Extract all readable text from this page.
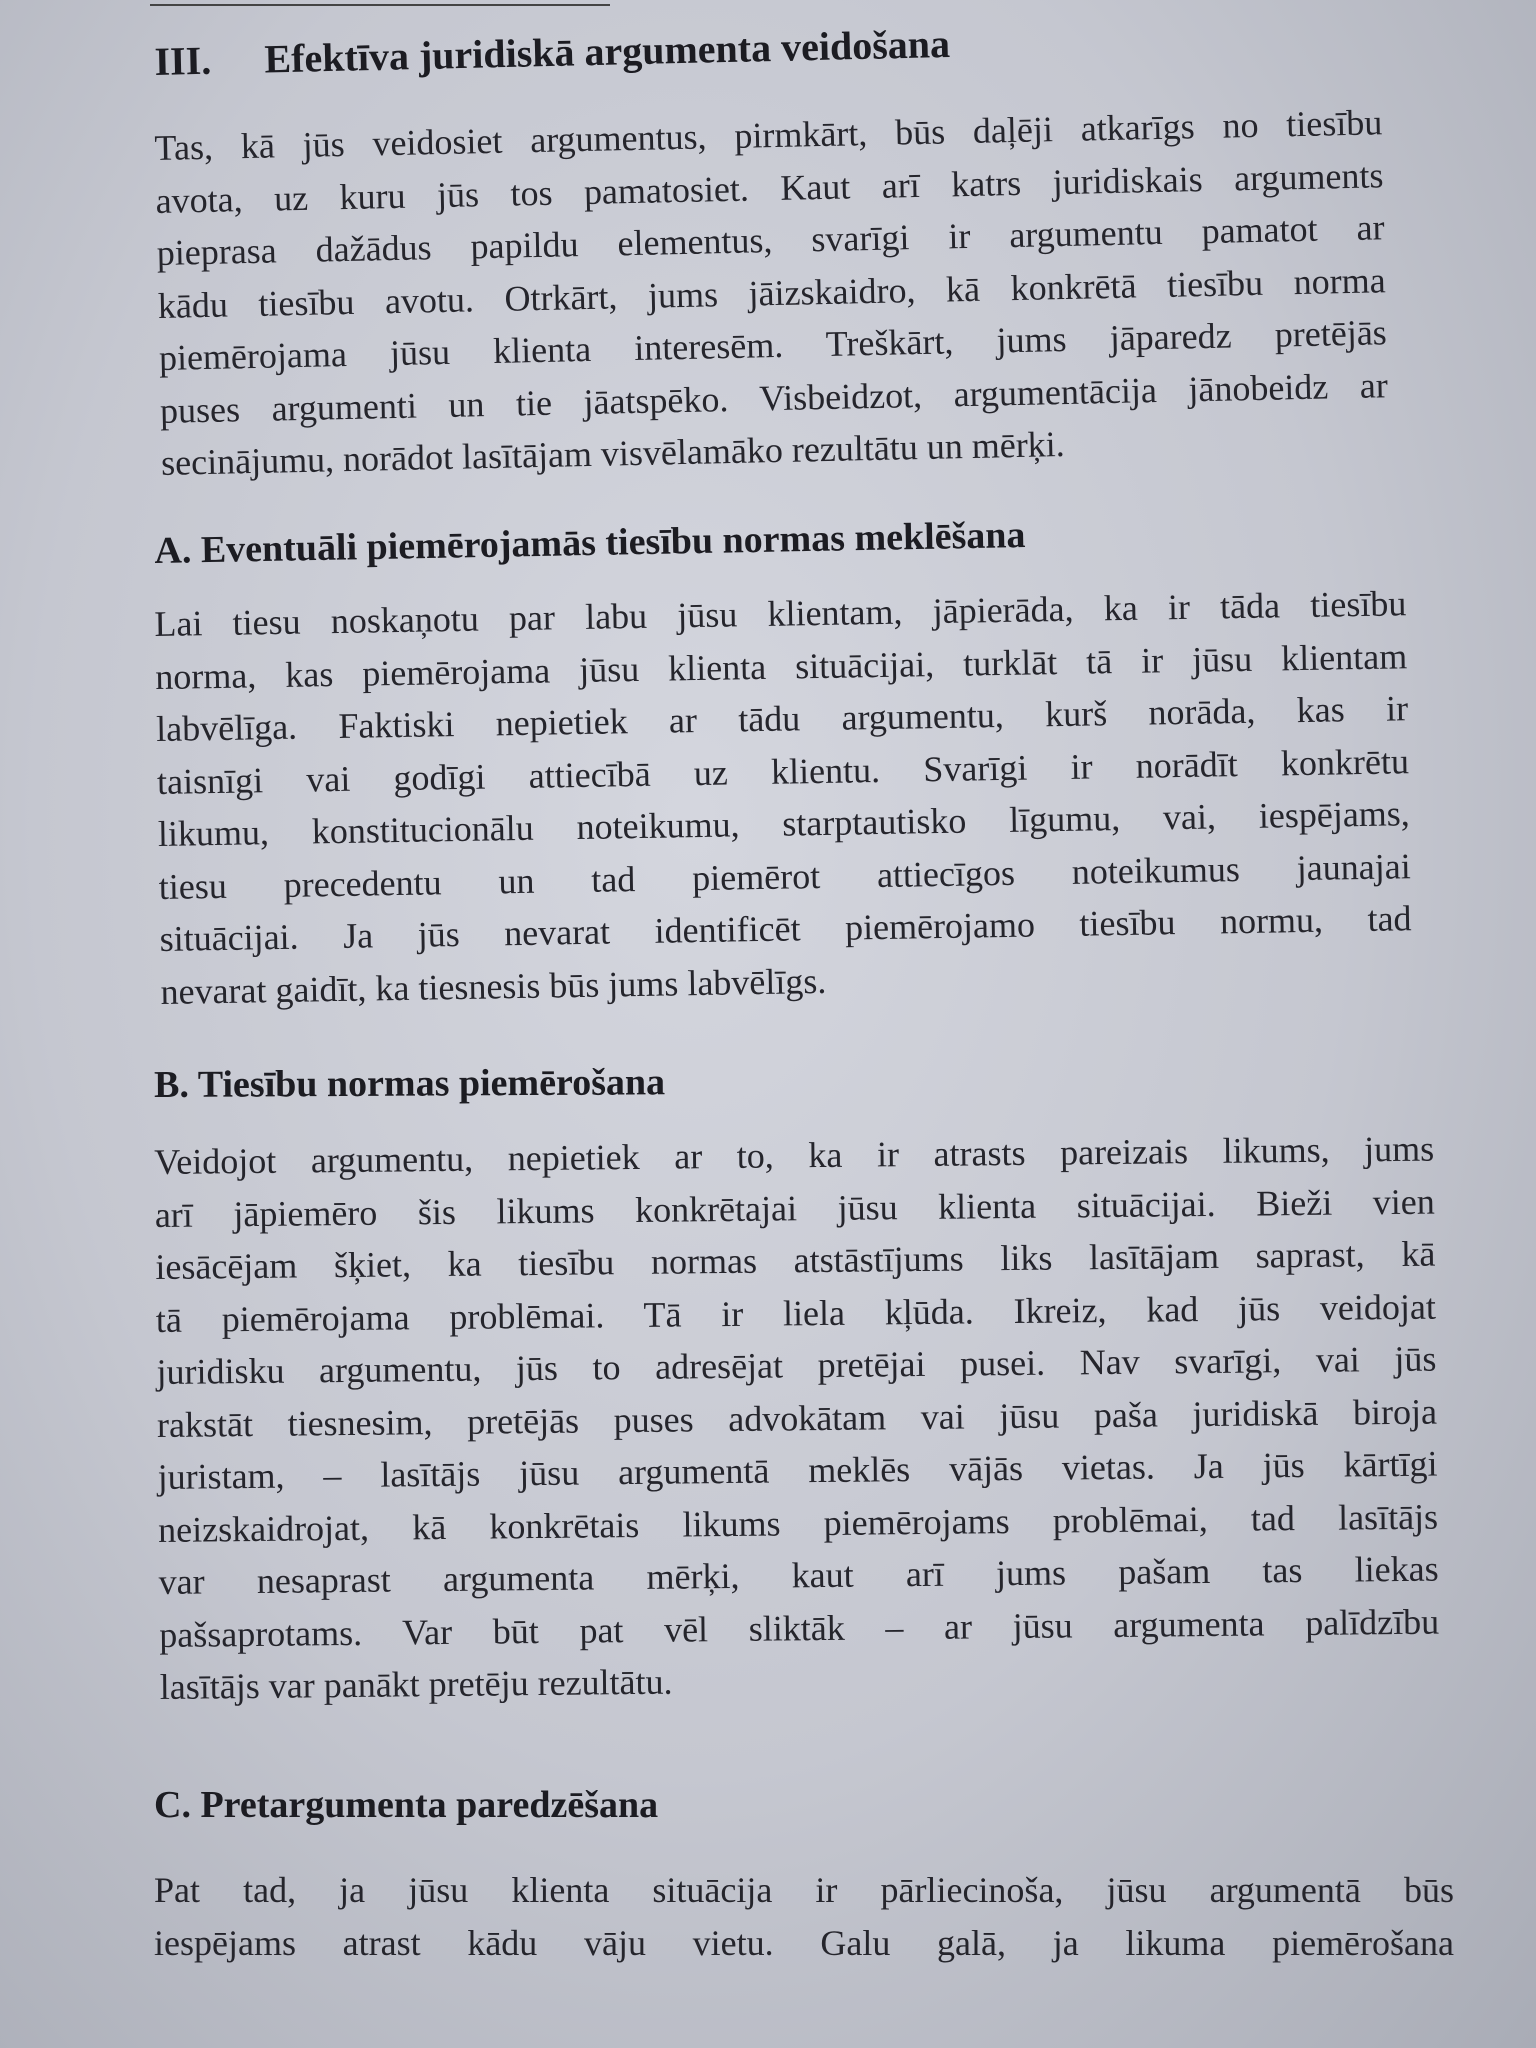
III. Efektīva juridiskā argumenta veidošana
Tas, kā jūs veidosiet argumentus, pirmkārt, būs daļēji atkarīgs no tiesību
avota, uz kuru jūs tos pamatosiet. Kaut arī katrs juridiskais arguments
pieprasa dažādus papildu elementus, svarīgi ir argumentu pamatot ar
kādu tiesību avotu. Otrkārt, jums jāizskaidro, kā konkrētā tiesību norma
piemērojama jūsu klienta interesēm. Treškārt, jums jāparedz pretējās
puses argumenti un tie jāatspēko. Visbeidzot, argumentācija jānobeidz ar
secinājumu, norādot lasītājam visvēlamāko rezultātu un mērķi.
A. Eventuāli piemērojamās tiesību normas meklēšana
Lai tiesu noskaņotu par labu jūsu klientam, jāpierāda, ka ir tāda tiesību
norma, kas piemērojama jūsu klienta situācijai, turklāt tā ir jūsu klientam
labvēlīga. Faktiski nepietiek ar tādu argumentu, kurš norāda, kas ir
taisnīgi vai godīgi attiecībā uz klientu. Svarīgi ir norādīt konkrētu
likumu, konstitucionālu noteikumu, starptautisko līgumu, vai, iespējams,
tiesu precedentu un tad piemērot attiecīgos noteikumus jaunajai
situācijai. Ja jūs nevarat identificēt piemērojamo tiesību normu, tad
nevarat gaidīt, ka tiesnesis būs jums labvēlīgs.
B. Tiesību normas piemērošana
Veidojot argumentu, nepietiek ar to, ka ir atrasts pareizais likums, jums
arī jāpiemēro šis likums konkrētajai jūsu klienta situācijai. Bieži vien
iesācējam šķiet, ka tiesību normas atstāstījums liks lasītājam saprast, kā
tā piemērojama problēmai. Tā ir liela kļūda. Ikreiz, kad jūs veidojat
juridisku argumentu, jūs to adresējat pretējai pusei. Nav svarīgi, vai jūs
rakstāt tiesnesim, pretējās puses advokātam vai jūsu paša juridiskā biroja
juristam, – lasītājs jūsu argumentā meklēs vājās vietas. Ja jūs kārtīgi
neizskaidrojat, kā konkrētais likums piemērojams problēmai, tad lasītājs
var nesaprast argumenta mērķi, kaut arī jums pašam tas liekas
pašsaprotams. Var būt pat vēl sliktāk – ar jūsu argumenta palīdzību
lasītājs var panākt pretēju rezultātu.
C. Pretargumenta paredzēšana
Pat tad, ja jūsu klienta situācija ir pārliecinoša, jūsu argumentā būs
iespējams atrast kādu vāju vietu. Galu galā, ja likuma piemērošana
